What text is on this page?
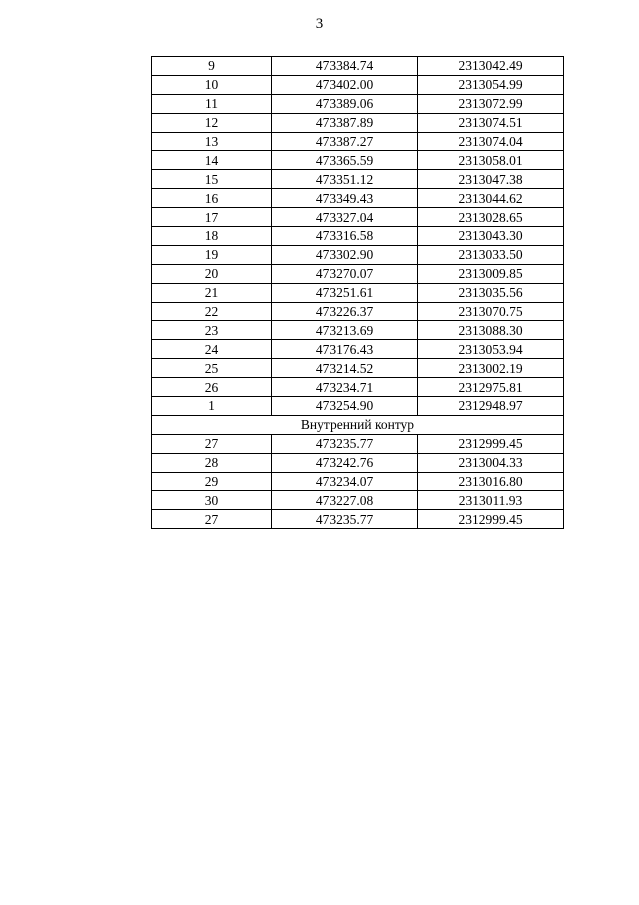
3
9	473384.74	2313042.49
10	473402.00	2313054.99
11	473389.06	2313072.99
12	473387.89	2313074.51
13	473387.27	2313074.04
14	473365.59	2313058.01
15	473351.12	2313047.38
16	473349.43	2313044.62
17	473327.04	2313028.65
18	473316.58	2313043.30
19	473302.90	2313033.50
20	473270.07	2313009.85
21	473251.61	2313035.56
22	473226.37	2313070.75
23	473213.69	2313088.30
24	473176.43	2313053.94
25	473214.52	2313002.19
26	473234.71	2312975.81
1	473254.90	2312948.97
Внутренний контур		
27	473235.77	2312999.45
28	473242.76	2313004.33
29	473234.07	2313016.80
30	473227.08	2313011.93
27	473235.77	2312999.45
